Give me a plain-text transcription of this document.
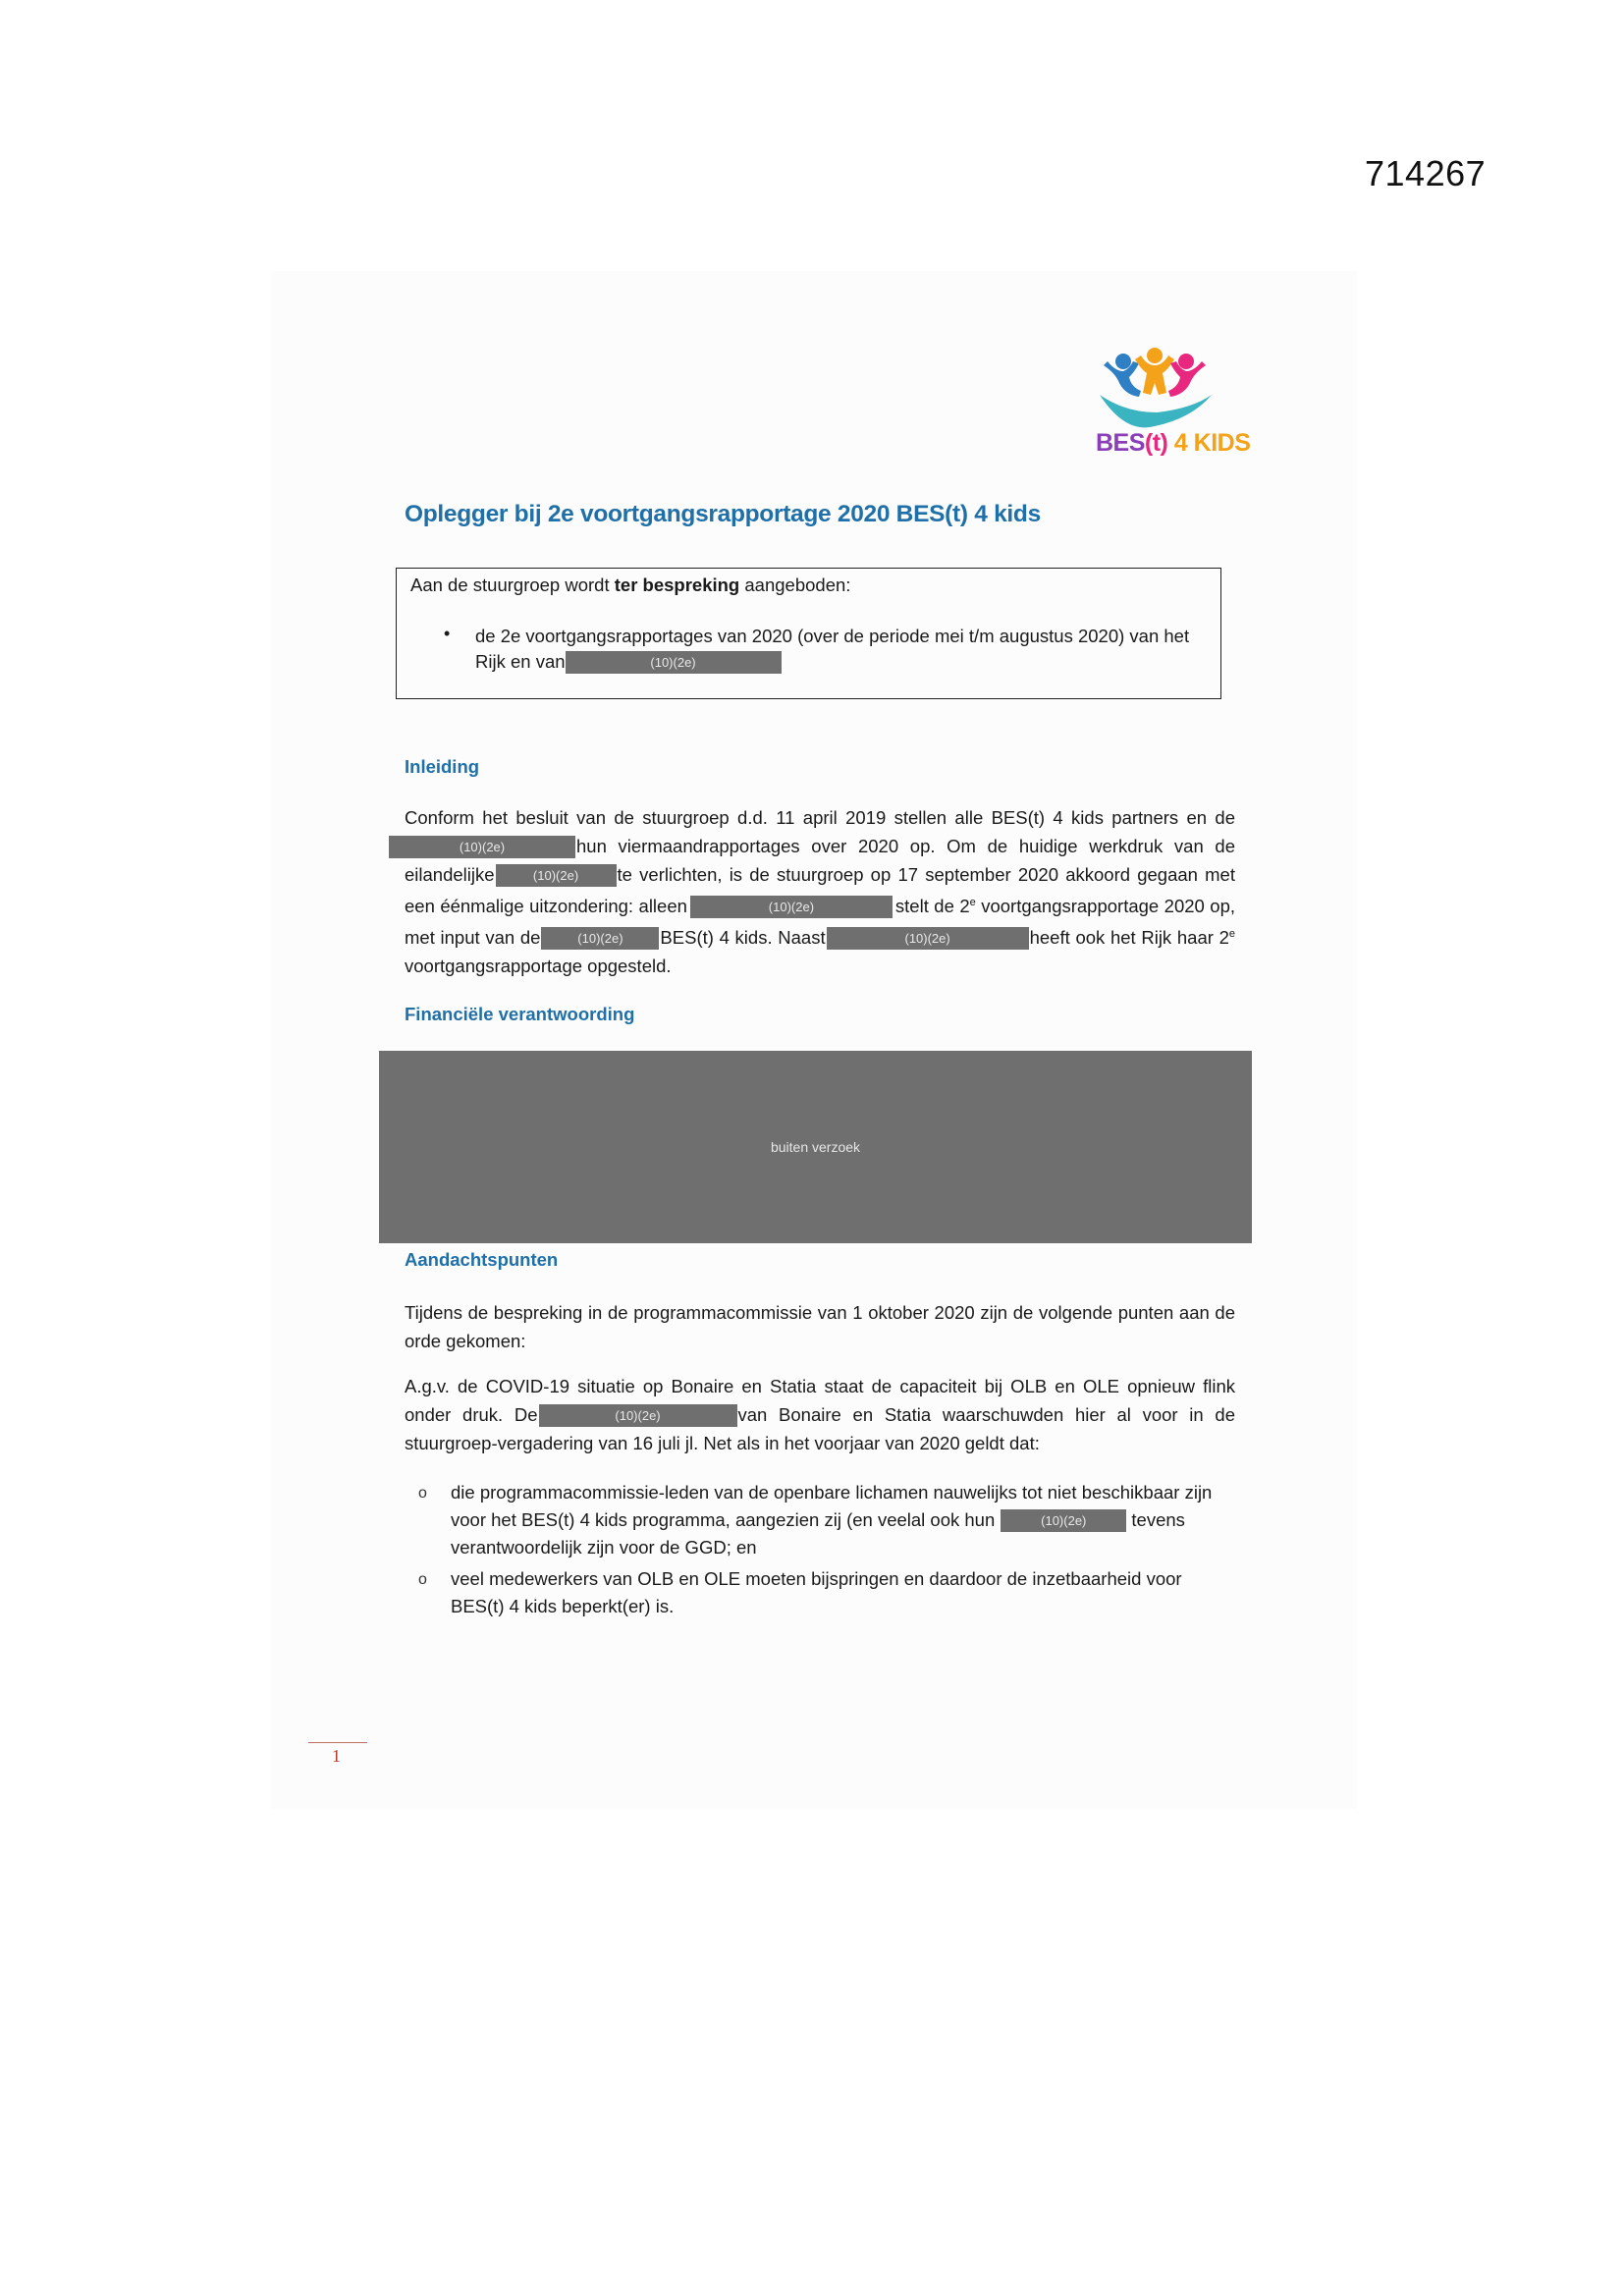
714267
BES(t) 4 KIDS
Oplegger bij 2e voortgangsrapportage 2020 BES(t) 4 kids
Aan de stuurgroep wordt ter bespreking aangeboden:
• de 2e voortgangsrapportages van 2020 (over de periode mei t/m augustus 2020) van het Rijk en van	(10)(2e)
Inleiding
Conform het besluit van de stuurgroep d.d. 11 april 2019 stellen alle BES(t) 4 kids partners en de (10)(2e)	hun viermaandrapportages over 2020 op. Om de huidige werkdruk van de eilandelijke	(10)(2e) te verlichten, is de stuurgroep op 17 september 2020 akkoord gegaan met een éénmalige uitzondering: alleen	(10)(2e)	stelt de 2e voortgangsrapportage 2020 op, met input van de	(10)(2e) BES(t) 4 kids. Naast	(10)(2e)	heeft ook het Rijk haar 2e voortgangsrapportage opgesteld.
Financiële verantwoording
buiten verzoek
Aandachtspunten
Tijdens de bespreking in de programmacommissie van 1 oktober 2020 zijn de volgende punten aan de orde gekomen:
A.g.v. de COVID-19 situatie op Bonaire en Statia staat de capaciteit bij OLB en OLE opnieuw flink onder druk. De	(10)(2e)	van Bonaire en Statia waarschuwden hier al voor in de stuurgroep-vergadering van 16 juli jl. Net als in het voorjaar van 2020 geldt dat:
o die programmacommissie-leden van de openbare lichamen nauwelijks tot niet beschikbaar zijn voor het BES(t) 4 kids programma, aangezien zij (en veelal ook hun	(10)(2e) tevens verantwoordelijk zijn voor de GGD; en
o veel medewerkers van OLB en OLE moeten bijspringen en daardoor de inzetbaarheid voor BES(t) 4 kids beperkt(er) is.
1
